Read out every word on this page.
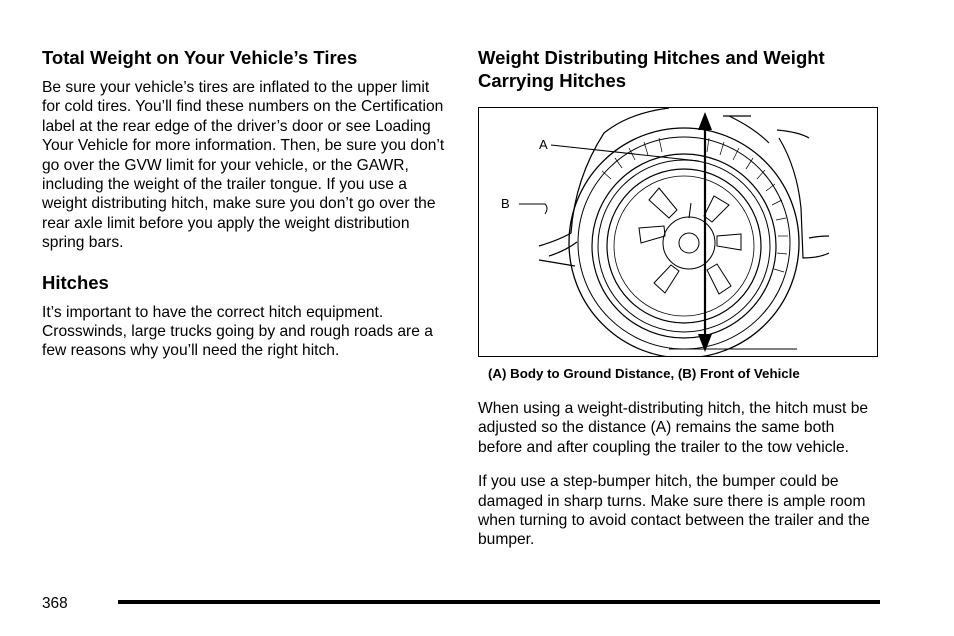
Total Weight on Your Vehicle’s Tires

Be sure your vehicle’s tires are inflated to the upper limit for cold tires. You’ll find these numbers on the Certification label at the rear edge of the driver’s door or see Loading Your Vehicle for more information. Then, be sure you don’t go over the GVW limit for your vehicle, or the GAWR, including the weight of the trailer tongue. If you use a weight distributing hitch, make sure you don’t go over the rear axle limit before you apply the weight distribution spring bars.

Hitches

It’s important to have the correct hitch equipment. Crosswinds, large trucks going by and rough roads are a few reasons why you’ll need the right hitch.

Weight Distributing Hitches and Weight Carrying Hitches
A
B
(A) Body to Ground Distance, (B) Front of Vehicle

When using a weight-distributing hitch, the hitch must be adjusted so the distance (A) remains the same both before and after coupling the trailer to the tow vehicle.

If you use a step-bumper hitch, the bumper could be damaged in sharp turns. Make sure there is ample room when turning to avoid contact between the trailer and the bumper.

368
